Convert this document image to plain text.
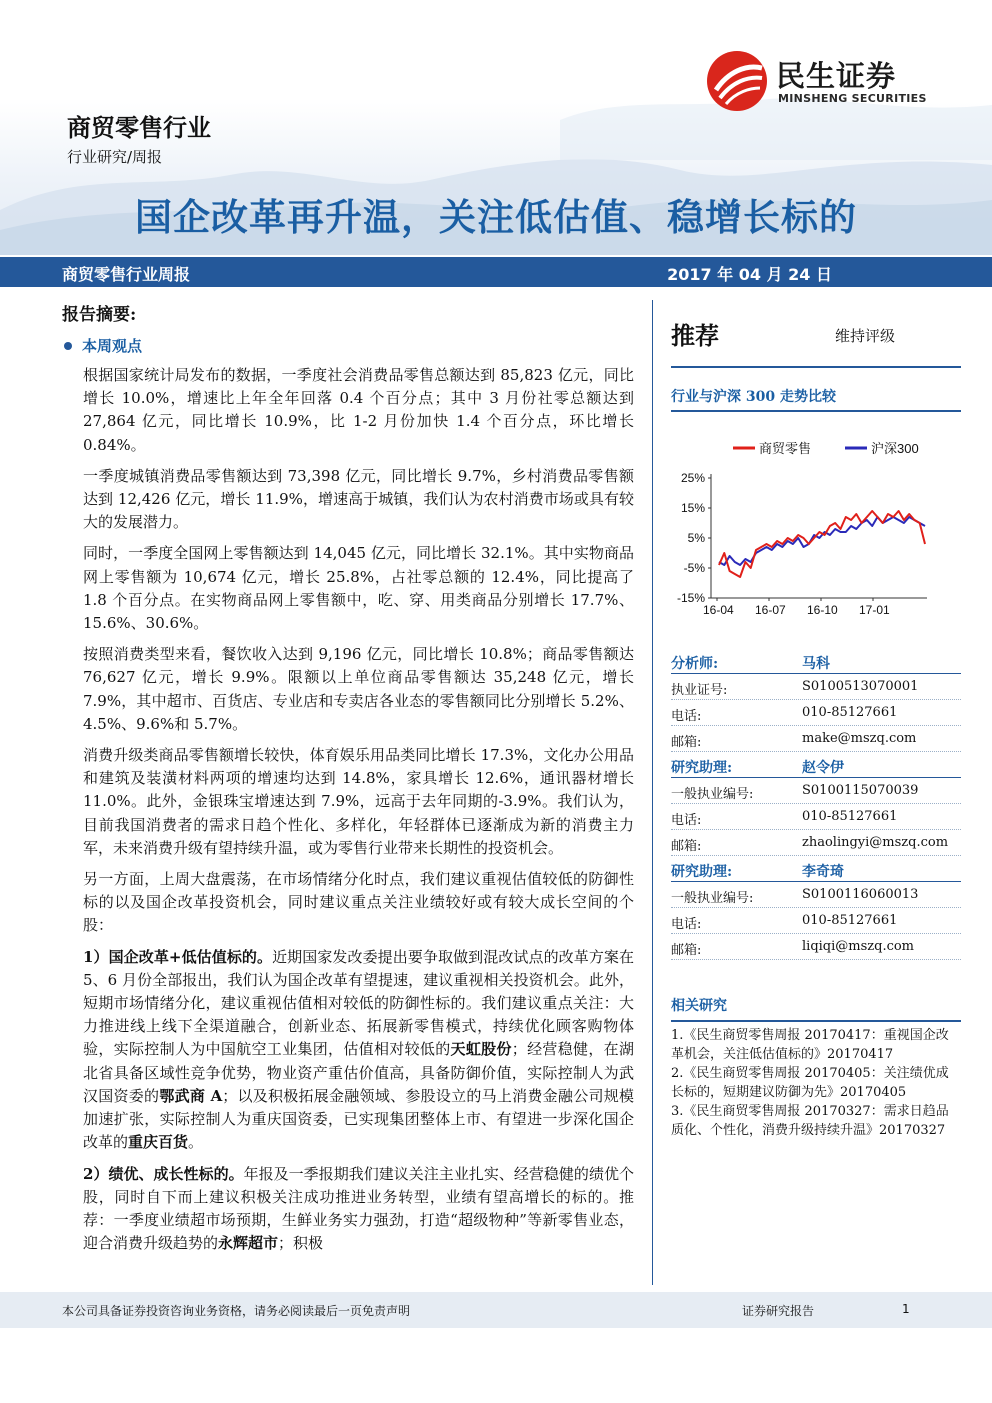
民生证券
MINSHENG SECURITIES
商贸零售行业
行业研究/周报
国企改革再升温，关注低估值、稳增长标的
商贸零售行业周报	2017 年 04 月 24 日
报告摘要:
本周观点

根据国家统计局发布的数据，一季度社会消费品零售总额达到 85,823 亿元，同比增长 10.0%，增速比上年全年回落 0.4 个百分点；其中 3 月份社零总额达到 27,864 亿元，同比增长 10.9%，比 1-2 月份加快 1.4 个百分点，环比增长 0.84%。

一季度城镇消费品零售额达到 73,398 亿元，同比增长 9.7%，乡村消费品零售额达到 12,426 亿元，增长 11.9%，增速高于城镇，我们认为农村消费市场或具有较大的发展潜力。

同时，一季度全国网上零售额达到 14,045 亿元，同比增长 32.1%。其中实物商品网上零售额为 10,674 亿元，增长 25.8%，占社零总额的 12.4%，同比提高了 1.8 个百分点。在实物商品网上零售额中，吃、穿、用类商品分别增长 17.7%、15.6%、30.6%。

按照消费类型来看，餐饮收入达到 9,196 亿元，同比增长 10.8%；商品零售额达 76,627 亿元，增长 9.9%。限额以上单位商品零售额达 35,248 亿元，增长 7.9%，其中超市、百货店、专业店和专卖店各业态的零售额同比分别增长 5.2%、4.5%、9.6%和 5.7%。

消费升级类商品零售额增长较快，体育娱乐用品类同比增长 17.3%，文化办公用品和建筑及装潢材料两项的增速均达到 14.8%，家具增长 12.6%，通讯器材增长 11.0%。此外，金银珠宝增速达到 7.9%，远高于去年同期的-3.9%。我们认为，目前我国消费者的需求日趋个性化、多样化，年轻群体已逐渐成为新的消费主力军，未来消费升级有望持续升温，或为零售行业带来长期性的投资机会。

另一方面，上周大盘震荡，在市场情绪分化时点，我们建议重视估值较低的防御性标的以及国企改革投资机会，同时建议重点关注业绩较好或有较大成长空间的个股：

1）国企改革+低估值标的。近期国家发改委提出要争取做到混改试点的改革方案在 5、6 月份全部报出，我们认为国企改革有望提速，建议重视相关投资机会。此外，短期市场情绪分化，建议重视估值相对较低的防御性标的。我们建议重点关注：大力推进线上线下全渠道融合，创新业态、拓展新零售模式，持续优化顾客购物体验，实际控制人为中国航空工业集团，估值相对较低的天虹股份；经营稳健，在湖北省具备区域性竞争优势，物业资产重估价值高，具备防御价值，实际控制人为武汉国资委的鄂武商 A；以及积极拓展金融领域、参股设立的马上消费金融公司规模加速扩张，实际控制人为重庆国资委，已实现集团整体上市、有望进一步深化国企改革的重庆百货。

2）绩优、成长性标的。年报及一季报期我们建议关注主业扎实、经营稳健的绩优个股，同时自下而上建议积极关注成功推进业务转型，业绩有望高增长的标的。推荐：一季度业绩超市场预期，生鲜业务实力强劲，打造“超级物种”等新零售业态，迎合消费升级趋势的永辉超市；积极

推荐	维持评级
行业与沪深 300 走势比较
25%
15%
5%
-5%
-15%
16-04 16-07 16-10 17-01
商贸零售	沪深300
分析师:	马科
执业证号:	S0100513070001
电话:	010-85127661
邮箱:	make@mszq.com
研究助理:	赵令伊
一般执业编号:	S0100115070039
电话:	010-85127661
邮箱:	zhaolingyi@mszq.com
研究助理:	李奇琦
一般执业编号:	S0100116060013
电话:	010-85127661
邮箱:	liqiqi@mszq.com
相关研究
1.《民生商贸零售周报 20170417：重视国企改革机会，关注低估值标的》20170417
2.《民生商贸零售周报 20170405：关注绩优成长标的，短期建议防御为先》20170405
3.《民生商贸零售周报 20170327：需求日趋品质化、个性化，消费升级持续升温》20170327
本公司具备证券投资咨询业务资格，请务必阅读最后一页免责声明	证券研究报告	1
